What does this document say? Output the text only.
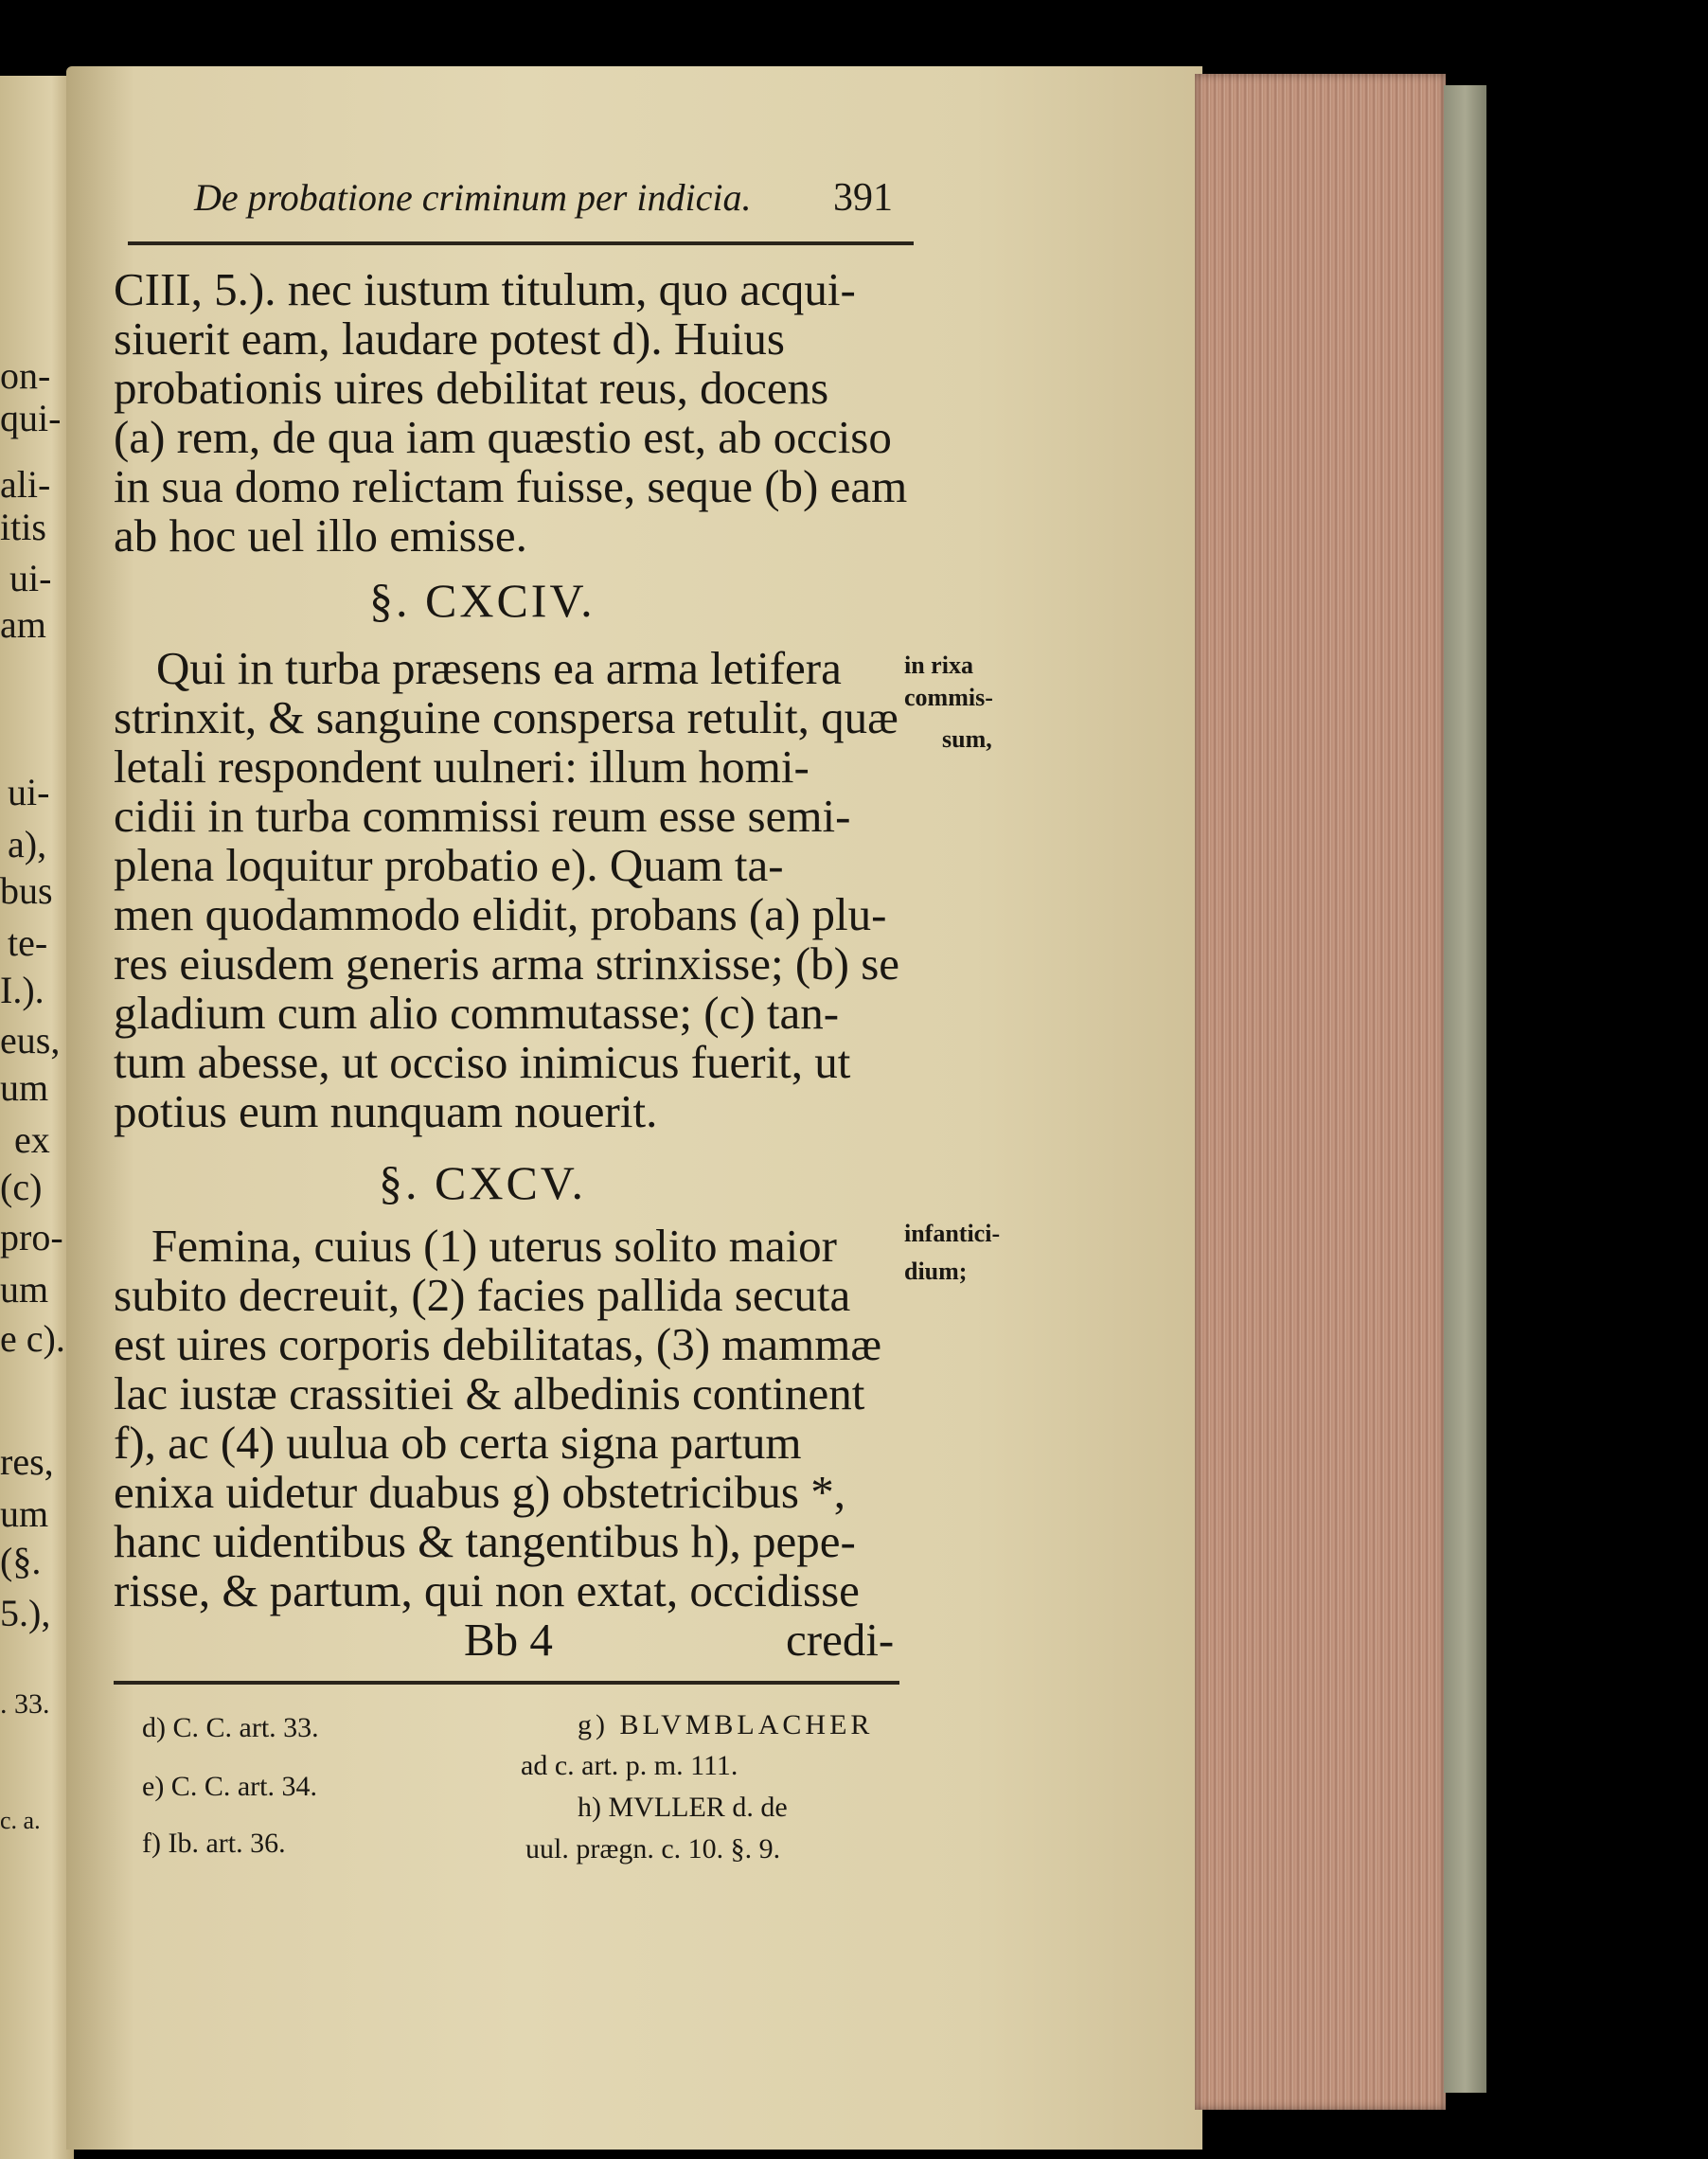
on-
qui-
ali-
itis
ui-
am
ui-
a),
bus
te-
I.).
eus,
um
ex
(c)
pro-
um
e c).
res,
um
(§.
5.),
. 33.
c. a.
De probatione criminum per indicia. 391
CIII, 5.). nec iustum titulum, quo acqui-
siuerit eam, laudare potest d). Huius
probationis uires debilitat reus, docens
(a) rem, de qua iam quæstio est, ab occiso
in sua domo relictam fuisse, seque (b) eam
ab hoc uel illo emisse.
§. CXCIV.
Qui in turba præsens ea arma letifera
strinxit, & sanguine conspersa retulit, quæ
letali respondent uulneri: illum homi-
cidii in turba commissi reum esse semi-
plena loquitur probatio e). Quam ta-
men quodammodo elidit, probans (a) plu-
res eiusdem generis arma strinxisse; (b) se
gladium cum alio commutasse; (c) tan-
tum abesse, ut occiso inimicus fuerit, ut
potius eum nunquam nouerit.
in rixa
commis-
sum,
§. CXCV.
Femina, cuius (1) uterus solito maior
subito decreuit, (2) facies pallida secuta
est uires corporis debilitatas, (3) mammæ
lac iustæ crassitiei & albedinis continent
f), ac (4) uulua ob certa signa partum
enixa uidetur duabus g) obstetricibus *,
hanc uidentibus & tangentibus h), pepe-
risse, & partum, qui non extat, occidisse
infantici-
dium;
Bb 4	credi-
d) C. C. art. 33.
e) C. C. art. 34.
f) Ib. art. 36.
g) BLVMBLACHER
ad c. art. p. m. 111.
h) MVLLER d. de
uul. prægn. c. 10. §. 9.
